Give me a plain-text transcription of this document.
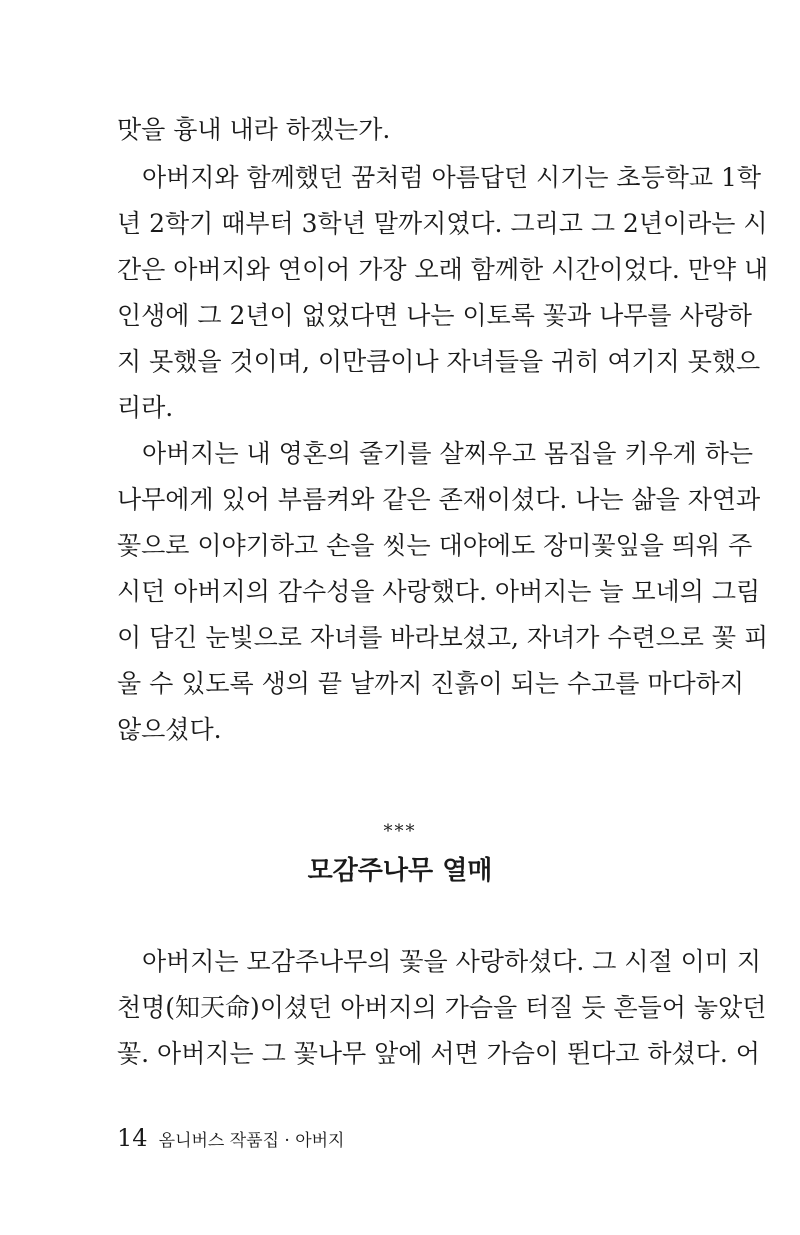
맛을 흉내 내라 하겠는가.
아버지와 함께했던 꿈처럼 아름답던 시기는 초등학교 1학
년 2학기 때부터 3학년 말까지였다. 그리고 그 2년이라는 시
간은 아버지와 연이어 가장 오래 함께한 시간이었다. 만약 내
인생에 그 2년이 없었다면 나는 이토록 꽃과 나무를 사랑하
지 못했을 것이며, 이만큼이나 자녀들을 귀히 여기지 못했으
리라.
아버지는 내 영혼의 줄기를 살찌우고 몸집을 키우게 하는
나무에게 있어 부름켜와 같은 존재이셨다. 나는 삶을 자연과
꽃으로 이야기하고 손을 씻는 대야에도 장미꽃잎을 띄워 주
시던 아버지의 감수성을 사랑했다. 아버지는 늘 모네의 그림
이 담긴 눈빛으로 자녀를 바라보셨고, 자녀가 수련으로 꽃 피
울 수 있도록 생의 끝 날까지 진흙이 되는 수고를 마다하지
않으셨다.
***
모감주나무 열매
아버지는 모감주나무의 꽃을 사랑하셨다. 그 시절 이미 지
천명(知天命)이셨던 아버지의 가슴을 터질 듯 흔들어 놓았던
꽃. 아버지는 그 꽃나무 앞에 서면 가슴이 뛴다고 하셨다. 어
14 옴니버스 작품집 · 아버지
